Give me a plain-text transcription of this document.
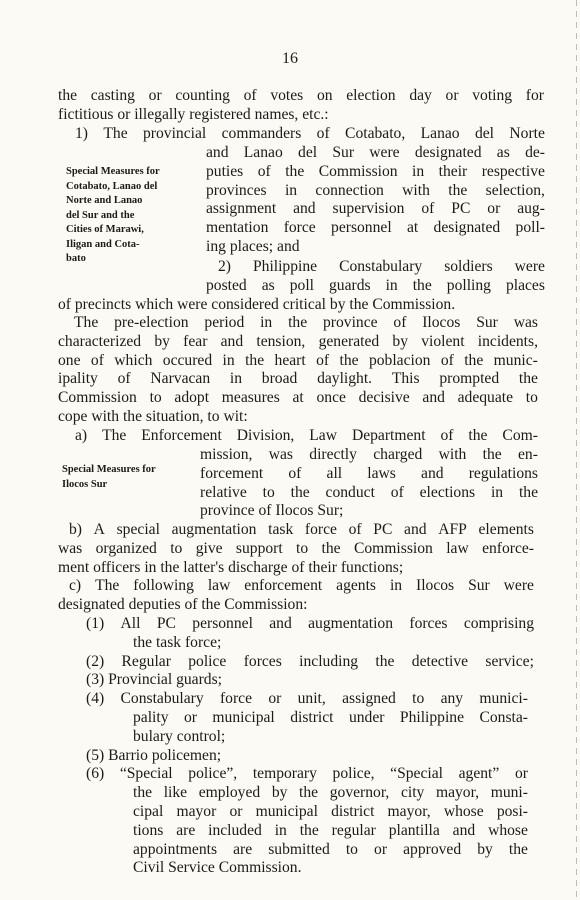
16
the casting or counting of votes on election day or voting for
fictitious or illegally registered names, etc.:
1) The provincial commanders of Cotabato, Lanao del Norte
and Lanao del Sur were designated as de-
puties of the Commission in their respective
provinces in connection with the selection,
assignment and supervision of PC or aug-
mentation force personnel at designated poll-
ing places; and
2) Philippine Constabulary soldiers were
posted as poll guards in the polling places
of precincts which were considered critical by the Commission.
Special Measures for
Cotabato, Lanao del
Norte and Lanao
del Sur and the
Cities of Marawi,
Iligan and Cota-
bato
The pre-election period in the province of Ilocos Sur was
characterized by fear and tension, generated by violent incidents,
one of which occured in the heart of the poblacion of the munic-
ipality of Narvacan in broad daylight. This prompted the
Commission to adopt measures at once decisive and adequate to
cope with the situation, to wit:
a) The Enforcement Division, Law Department of the Com-
mission, was directly charged with the en-
forcement of all laws and regulations
relative to the conduct of elections in the
province of Ilocos Sur;
Special Measures for
Ilocos Sur
b) A special augmentation task force of PC and AFP elements
was organized to give support to the Commission law enforce-
ment officers in the latter's discharge of their functions;
c) The following law enforcement agents in Ilocos Sur were
designated deputies of the Commission:
(1) All PC personnel and augmentation forces comprising
the task force;
(2) Regular police forces including the detective service;
(3) Provincial guards;
(4) Constabulary force or unit, assigned to any munici-
pality or municipal district under Philippine Consta-
bulary control;
(5) Barrio policemen;
(6) “Special police”, temporary police, “Special agent” or
the like employed by the governor, city mayor, muni-
cipal mayor or municipal district mayor, whose posi-
tions are included in the regular plantilla and whose
appointments are submitted to or approved by the
Civil Service Commission.
